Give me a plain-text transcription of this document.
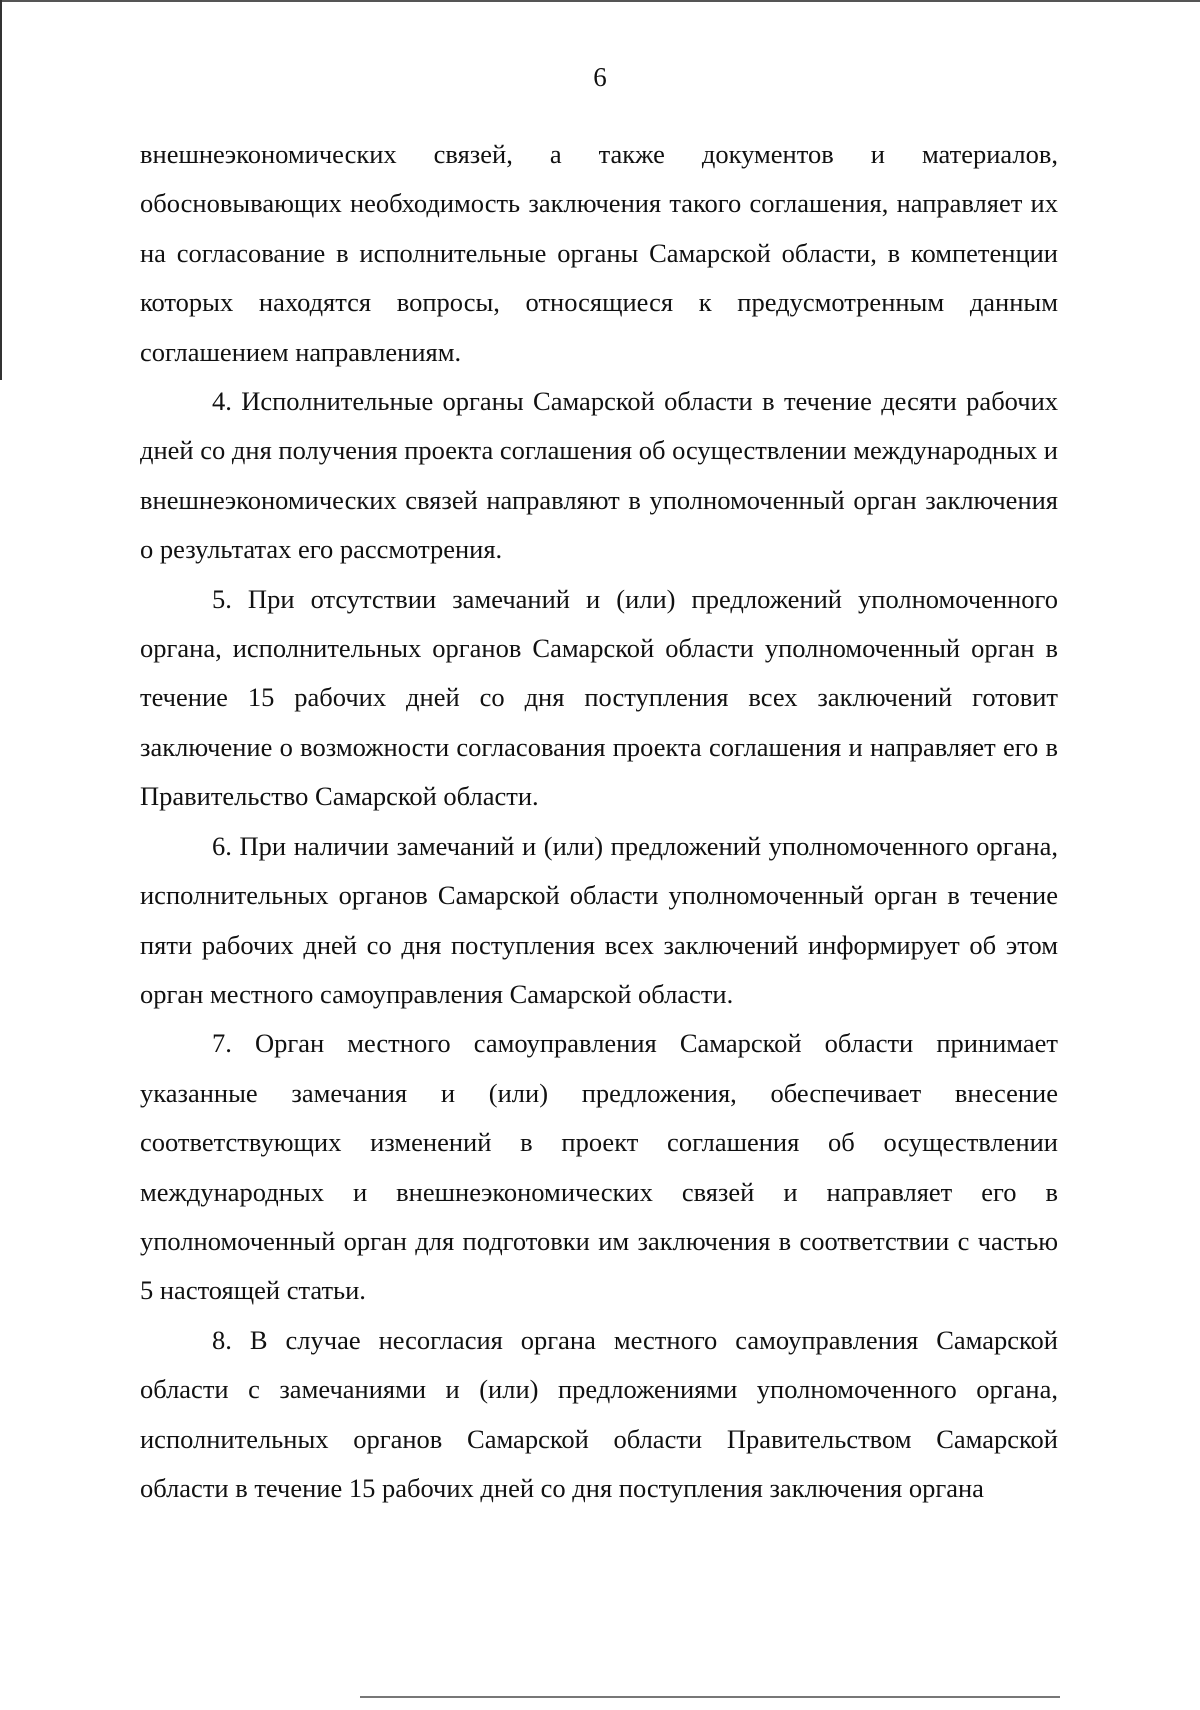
6

внешнеэкономических связей, а также документов и материалов, обосновывающих необходимость заключения такого соглашения, направляет их на согласование в исполнительные органы Самарской области, в компетенции которых находятся вопросы, относящиеся к предусмотренным данным соглашением направлениям.

4. Исполнительные органы Самарской области в течение десяти рабочих дней со дня получения проекта соглашения об осуществлении международных и внешнеэкономических связей направляют в уполномоченный орган заключения о результатах его рассмотрения.

5. При отсутствии замечаний и (или) предложений уполномоченного органа, исполнительных органов Самарской области уполномоченный орган в течение 15 рабочих дней со дня поступления всех заключений готовит заключение о возможности согласования проекта соглашения и направляет его в Правительство Самарской области.

6. При наличии замечаний и (или) предложений уполномоченного органа, исполнительных органов Самарской области уполномоченный орган в течение пяти рабочих дней со дня поступления всех заключений информирует об этом орган местного самоуправления Самарской области.

7. Орган местного самоуправления Самарской области принимает указанные замечания и (или) предложения, обеспечивает внесение соответствующих изменений в проект соглашения об осуществлении международных и внешнеэкономических связей и направляет его в уполномоченный орган для подготовки им заключения в соответствии с частью 5 настоящей статьи.

8. В случае несогласия органа местного самоуправления Самарской области с замечаниями и (или) предложениями уполномоченного органа, исполнительных органов Самарской области Правительством Самарской области в течение 15 рабочих дней со дня поступления заключения органа
